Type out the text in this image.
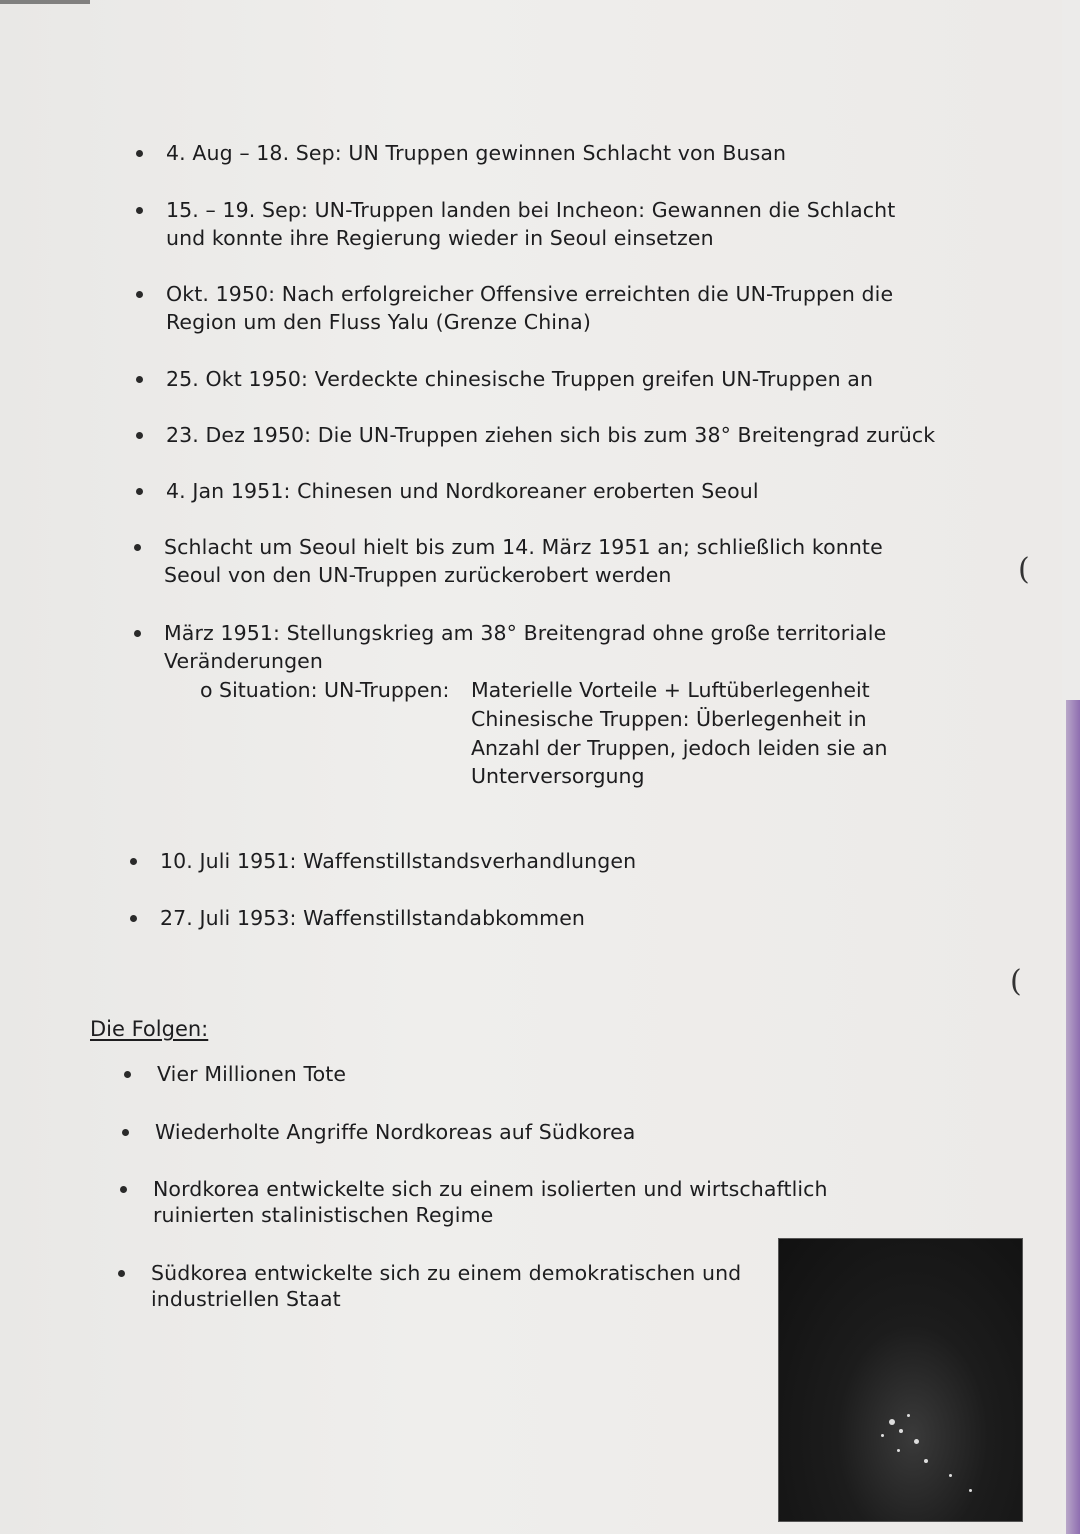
4. Aug – 18. Sep: UN Truppen gewinnen Schlacht von Busan
15. – 19. Sep: UN-Truppen landen bei Incheon: Gewannen die Schlacht
und konnte ihre Regierung wieder in Seoul einsetzen
Okt. 1950: Nach erfolgreicher Offensive erreichten die UN-Truppen die
Region um den Fluss Yalu (Grenze China)
25. Okt 1950: Verdeckte chinesische Truppen greifen UN-Truppen an
23. Dez 1950: Die UN-Truppen ziehen sich bis zum 38° Breitengrad zurück
4. Jan 1951: Chinesen und Nordkoreaner eroberten Seoul
Schlacht um Seoul hielt bis zum 14. März 1951 an; schließlich konnte
Seoul von den UN-Truppen zurückerobert werden
März 1951: Stellungskrieg am 38° Breitengrad ohne große territoriale
Veränderungen
o Situation: UN-Truppen: Materielle Vorteile + Luftüberlegenheit
Chinesische Truppen: Überlegenheit in
Anzahl der Truppen, jedoch leiden sie an
Unterversorgung
10. Juli 1951: Waffenstillstandsverhandlungen
27. Juli 1953: Waffenstillstandabkommen
Die Folgen:
Vier Millionen Tote
Wiederholte Angriffe Nordkoreas auf Südkorea
Nordkorea entwickelte sich zu einem isolierten und wirtschaftlich
ruinierten stalinistischen Regime
Südkorea entwickelte sich zu einem demokratischen und
industriellen Staat
(
(
